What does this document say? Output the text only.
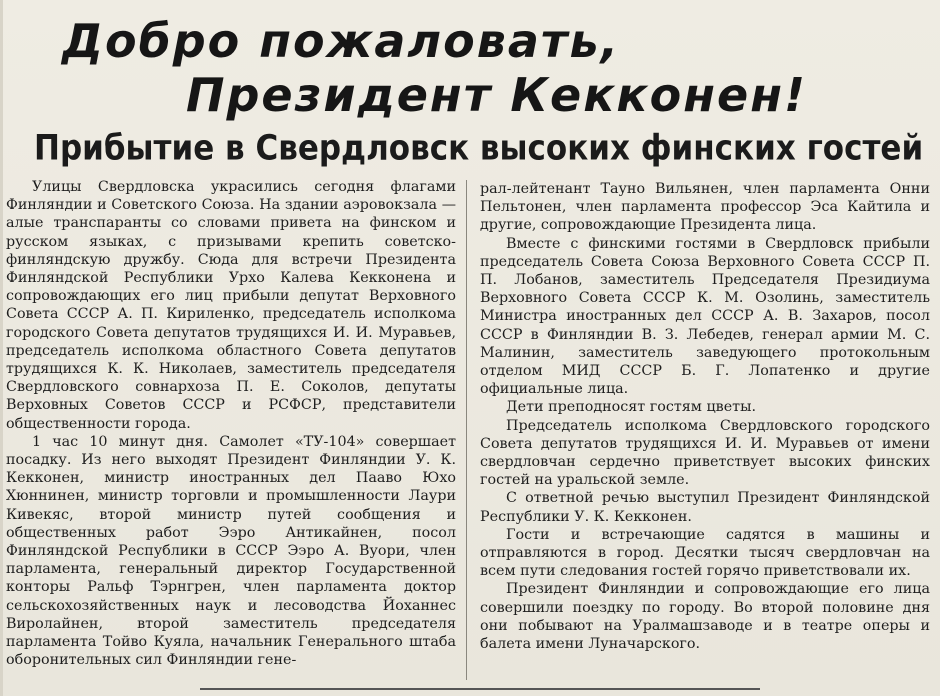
Добро пожаловать,
Президент Кекконен!
Прибытие в Свердловск высоких финских гостей

Улицы Свердловска украсились сегодня флагами Финляндии и Советского Союза. На здании аэровокзала — алые транспаранты со словами привета на финском и русском языках, с призывами крепить советско-финляндскую дружбу. Сюда для встречи Президента Финляндской Республики Урхо Калева Кекконена и сопровождающих его лиц прибыли депутат Верховного Совета СССР А. П. Кириленко, председатель исполкома городского Совета депутатов трудящихся И. И. Муравьев, председатель исполкома областного Совета депутатов трудящихся К. К. Николаев, заместитель председателя Свердловского совнархоза П. Е. Соколов, депутаты Верховных Советов СССР и РСФСР, представители общественности города.

1 час 10 минут дня. Самолет «ТУ-104» совершает посадку. Из него выходят Президент Финляндии У. К. Кекконен, министр иностранных дел Пааво Юхо Хюннинен, министр торговли и промышленности Лаури Кивекяс, второй министр путей сообщения и общественных работ Ээро Антикайнен, посол Финляндской Республики в СССР Ээро А. Вуори, член парламента, генеральный директор Государственной конторы Ральф Тэрнгрен, член парламента доктор сельскохозяйственных наук и лесоводства Йоханнес Виролайнен, второй заместитель председателя парламента Тойво Куяла, начальник Генерального штаба оборонительных сил Финляндии гене-

рал-лейтенант Тауно Вильянен, член парламента Онни Пельтонен, член парламента профессор Эса Кайтила и другие, сопровождающие Президента лица.

Вместе с финскими гостями в Свердловск прибыли председатель Совета Союза Верховного Совета СССР П. П. Лобанов, заместитель Председателя Президиума Верховного Совета СССР К. М. Озолинь, заместитель Министра иностранных дел СССР А. В. Захаров, посол СССР в Финляндии В. З. Лебедев, генерал армии М. С. Малинин, заместитель заведующего протокольным отделом МИД СССР Б. Г. Лопатенко и другие официальные лица.

Дети преподносят гостям цветы.

Председатель исполкома Свердловского городского Совета депутатов трудящихся И. И. Муравьев от имени свердловчан сердечно приветствует высоких финских гостей на уральской земле.

С ответной речью выступил Президент Финляндской Республики У. К. Кекконен.

Гости и встречающие садятся в машины и отправляются в город. Десятки тысяч свердловчан на всем пути следования гостей горячо приветствовали их.

Президент Финляндии и сопровождающие его лица совершили поездку по городу. Во второй половине дня они побывают на Уралмашзаводе и в театре оперы и балета имени Луначарского.
